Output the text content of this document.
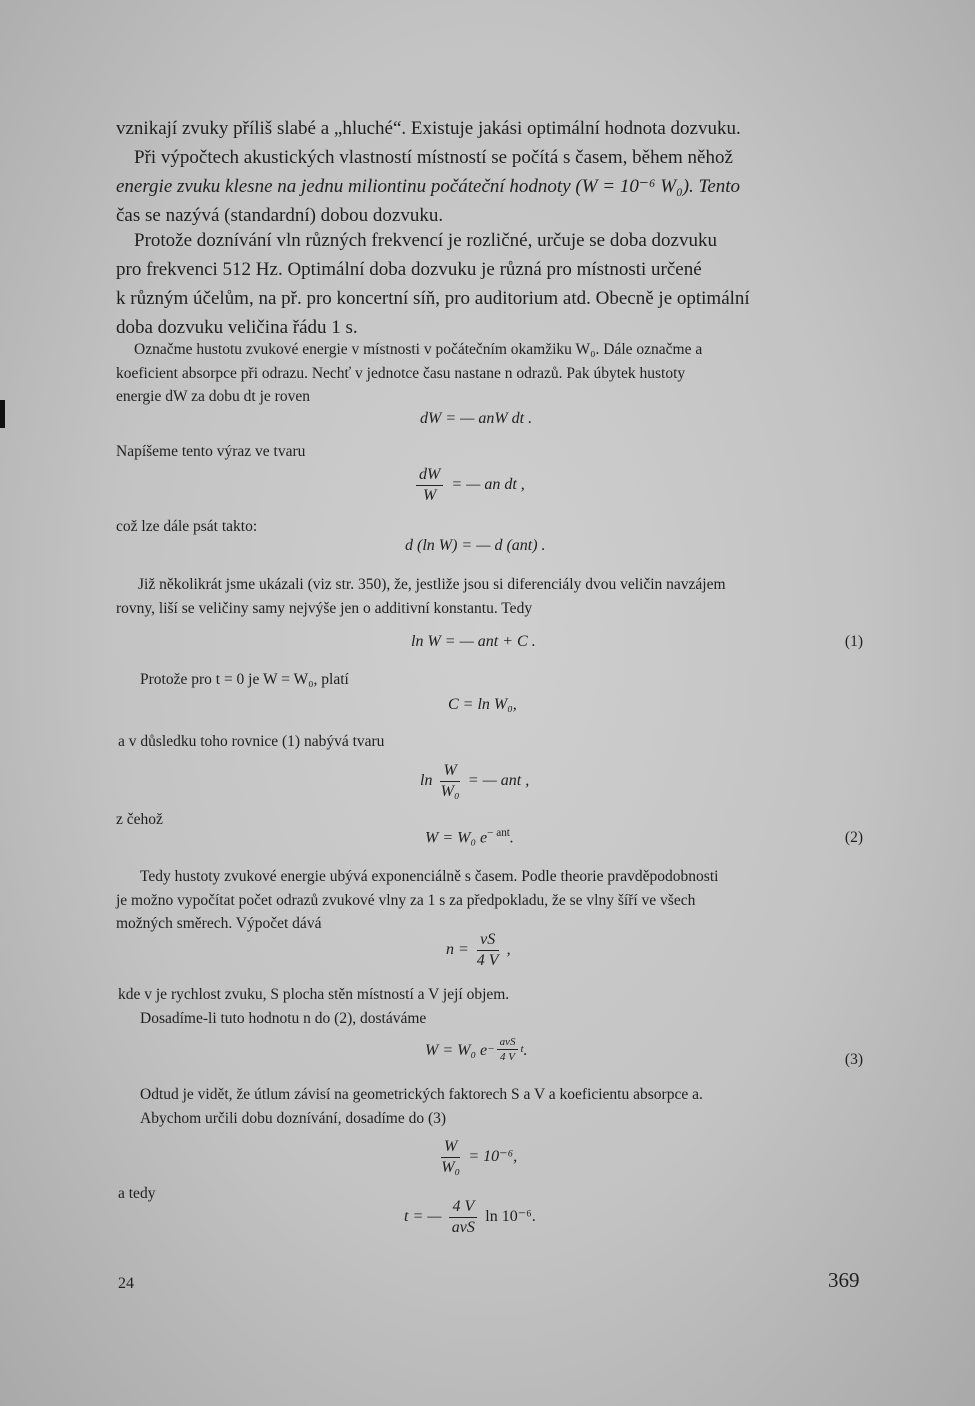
vznikají zvuky příliš slabé a „hluché“. Existuje jakási optimální hodnota dozvuku.
Při výpočtech akustických vlastností místností se počítá s časem, během něhož
energie zvuku klesne na jednu miliontinu počáteční hodnoty (W = 10⁻⁶ W₀). Tento
čas se nazývá (standardní) dobou dozvuku.
Protože doznívání vln různých frekvencí je rozličné, určuje se doba dozvuku
pro frekvenci 512 Hz. Optimální doba dozvuku je různá pro místnosti určené
k různým účelům, na př. pro koncertní síň, pro auditorium atd. Obecně je optimální
doba dozvuku veličina řádu 1 s.
Označme hustotu zvukové energie v místnosti v počátečním okamžiku W₀. Dále označme a
koeficient absorpce při odrazu. Nechť v jednotce času nastane n odrazů. Pak úbytek hustoty
energie dW za dobu dt je roven
dW = — anW dt .
Napíšeme tento výraz ve tvaru
$\frac{dW}{W}$ = — an dt ,
což lze dále psát takto:
d (ln W) = — d (ant) .
Již několikrát jsme ukázali (viz str. 350), že, jestliže jsou si diferenciály dvou veličin navzájem
rovny, liší se veličiny samy nejvýše jen o additivní konstantu. Tedy
ln W = — ant + C .	(1)
Protože pro t = 0 je W = W₀, platí
C = ln W₀,
a v důsledku toho rovnice (1) nabývá tvaru
$\ln \frac{W}{\text{W₀}}$ = — ant ,
z čehož
W = W₀ $e^{- ant}$.	(2)
Tedy hustoty zvukové energie ubývá exponenciálně s časem. Podle theorie pravděpodobnosti
je možno vypočítat počet odrazů zvukové vlny za 1 s za předpokladu, že se vlny šíří ve všech
možných směrech. Výpočet dává
$n = \frac{vS}{4 V}$ ,
kde v je rychlost zvuku, S plocha stěn místností a V její objem.
Dosadíme-li tuto hodnotu n do (2), dostáváme
W = W₀ $e- \frac{\text{avS}}{4 V} t$.
(3)
Odtud je vidět, že útlum závisí na geometrických faktorech S a V a koeficientu absorpce a.
Abychom určili dobu doznívání, dosadíme do (3)
$\frac{W}{\text{W₀}} = 10^{-6}$,
a tedy
t = — $\frac{4 V}{\text{avS}}$ ln 10⁻⁶.
24	369
